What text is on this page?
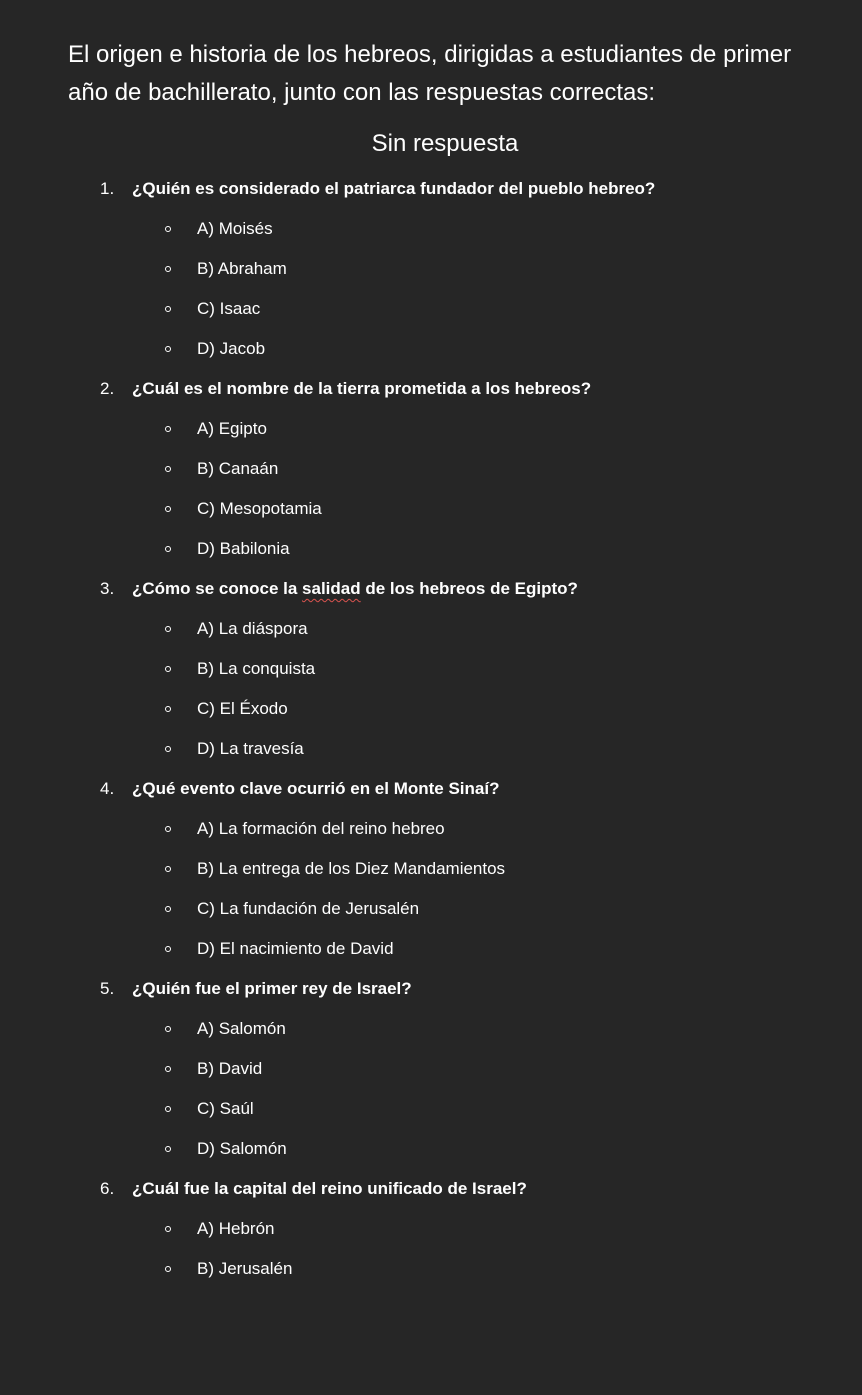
El origen e historia de los hebreos, dirigidas a estudiantes de primer año de bachillerato, junto con las respuestas correctas:

Sin respuesta

1. ¿Quién es considerado el patriarca fundador del pueblo hebreo?
A) Moisés
B) Abraham
C) Isaac
D) Jacob
2. ¿Cuál es el nombre de la tierra prometida a los hebreos?
A) Egipto
B) Canaán
C) Mesopotamia
D) Babilonia
3. ¿Cómo se conoce la salidad de los hebreos de Egipto?
A) La diáspora
B) La conquista
C) El Éxodo
D) La travesía
4. ¿Qué evento clave ocurrió en el Monte Sinaí?
A) La formación del reino hebreo
B) La entrega de los Diez Mandamientos
C) La fundación de Jerusalén
D) El nacimiento de David
5. ¿Quién fue el primer rey de Israel?
A) Salomón
B) David
C) Saúl
D) Salomón
6. ¿Cuál fue la capital del reino unificado de Israel?
A) Hebrón
B) Jerusalén
